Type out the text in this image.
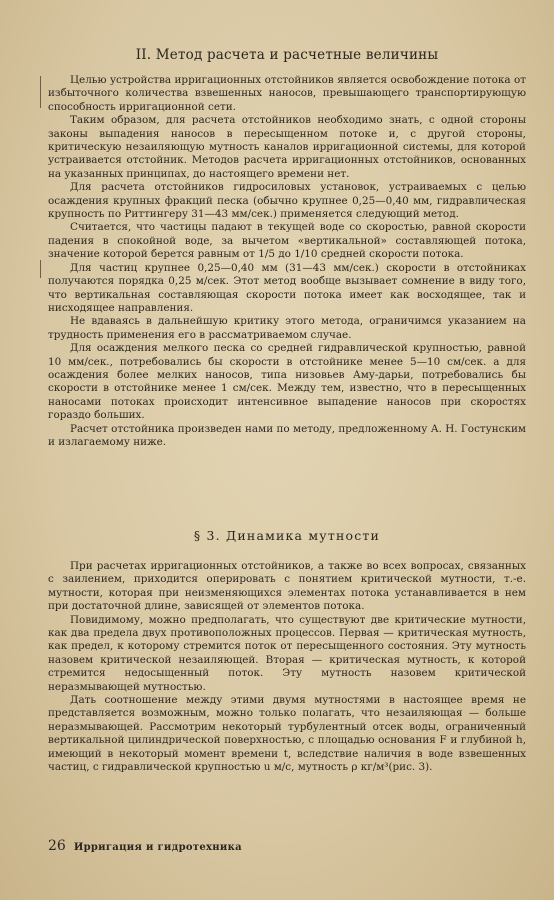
II. Метод расчета и расчетные величины

Целью устройства ирригационных отстойников является освобождение потока от избыточного количества взвешенных наносов, превышающего транспортирующую способность ирригационной сети.

Таким образом, для расчета отстойников необходимо знать, с одной стороны законы выпадения наносов в пересыщенном потоке и, с другой стороны, критическую незаиляющую мутность каналов ирригационной системы, для которой устраивается отстойник. Методов расчета ирригационных отстойников, основанных на указанных принципах, до настоящего времени нет.

Для расчета отстойников гидросиловых установок, устраиваемых с целью осаждения крупных фракций песка (обычно крупнее 0,25—0,40 мм, гидравлическая крупность по Риттингеру 31—43 мм/сек.) применяется следующий метод.

Считается, что частицы падают в текущей воде со скоростью, равной скорости падения в спокойной воде, за вычетом «вертикальной» составляющей потока, значение которой берется равным от 1/5 до 1/10 средней скорости потока.

Для частиц крупнее 0,25—0,40 мм (31—43 мм/сек.) скорости в отстойниках получаются порядка 0,25 м/сек. Этот метод вообще вызывает сомнение в виду того, что вертикальная составляющая скорости потока имеет как восходящее, так и нисходящее направления.

Не вдаваясь в дальнейшую критику этого метода, ограничимся указанием на трудность применения его в рассматриваемом случае.

Для осаждения мелкого песка со средней гидравлической крупностью, равной 10 мм/сек., потребовались бы скорости в отстойнике менее 5—10 см/сек. а для осаждения более мелких наносов, типа низовьев Аму-дарьи, потребовались бы скорости в отстойнике менее 1 см/сек. Между тем, известно, что в пересыщенных наносами потоках происходит интенсивное выпадение наносов при скоростях гораздо больших.

Расчет отстойника произведен нами по методу, предложенному А. Н. Гостунским и излагаемому ниже.

§ 3. Динамика мутности

При расчетах ирригационных отстойников, а также во всех вопросах, связанных с заилением, приходится оперировать с понятием критической мутности, т.-е. мутности, которая при неизменяющихся элементах потока устанавливается в нем при достаточной длине, зависящей от элементов потока.

Повидимому, можно предполагать, что существуют две критические мутности, как два предела двух противоположных процессов. Первая — критическая мутность, как предел, к которому стремится поток от пересыщенного состояния. Эту мутность назовем критической незаиляющей. Вторая — критическая мутность, к которой стремится недосыщенный поток. Эту мутность назовем критической неразмывающей мутностью.

Дать соотношение между этими двумя мутностями в настоящее время не представляется возможным, можно только полагать, что незаиляющая — больше неразмывающей. Рассмотрим некоторый турбулентный отсек воды, ограниченный вертикальной цилиндрической поверхностью, с площадью основания F и глубиной h, имеющий в некоторый момент времени t, вследствие наличия в воде взвешенных частиц, с гидравлической крупностью u м/с, мутность ρ кг/м³(рис. 3).

26 Ирригация и гидротехника
